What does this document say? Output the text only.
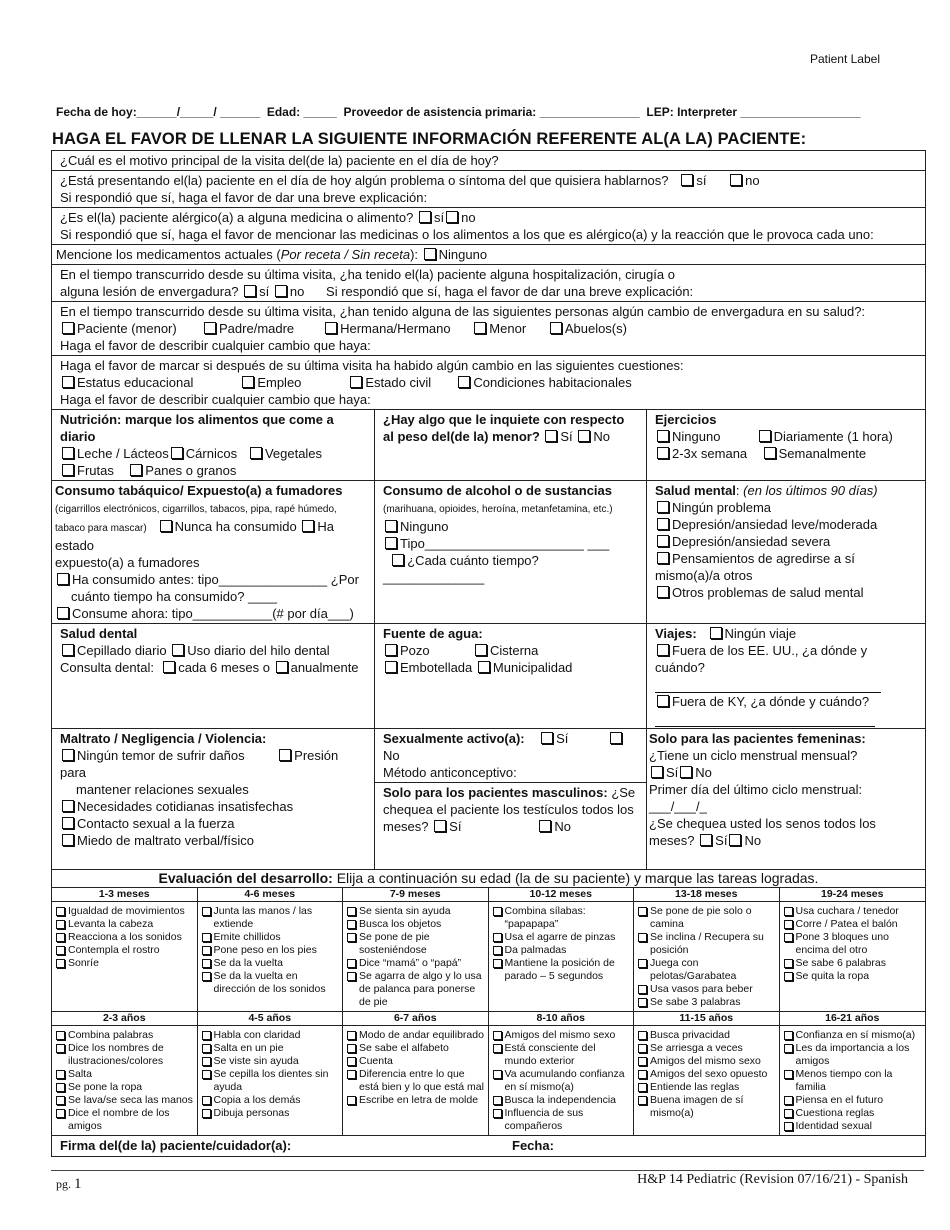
Patient Label
Fecha de hoy:______/_____/ ______ Edad: _____ Proveedor de asistencia primaria: _______________ LEP: Interpreter __________________
HAGA EL FAVOR DE LLENAR LA SIGUIENTE INFORMACIÓN REFERENTE AL(A LA) PACIENTE:
¿Cuál es el motivo principal de la visita del(de la) paciente en el día de hoy?
¿Está presentando el(la) paciente en el día de hoy algún problema o síntoma del que quisiera hablarnos? sí	no
Si respondió que sí, haga el favor de dar una breve explicación:
¿Es el(la) paciente alérgico(a) a alguna medicina o alimento? sí no
Si respondió que sí, haga el favor de mencionar las medicinas o los alimentos a los que es alérgico(a) y la reacción que le provoca cada uno:
Mencione los medicamentos actuales (Por receta / Sin receta): Ninguno
En el tiempo transcurrido desde su última visita, ¿ha tenido el(la) paciente alguna hospitalización, cirugía o
alguna lesión de envergadura? sí no Si respondió que sí, haga el favor de dar una breve explicación:
En el tiempo transcurrido desde su última visita, ¿han tenido alguna de las siguientes personas algún cambio de envergadura en su salud?:
Paciente (menor)	Padre/madre	Hermana/Hermano	Menor	Abuelos(s)
Haga el favor de describir cualquier cambio que haya:
Haga el favor de marcar si después de su última visita ha habido algún cambio en las siguientes cuestiones:
Estatus educacional	Empleo	Estado civil	Condiciones habitacionales
Haga el favor de describir cualquier cambio que haya:
Nutrición: marque los alimentos que come a diario
Leche / Lácteos Cárnicos Vegetales
Frutas Panes o granos
¿Hay algo que le inquiete con respecto
al peso del(de la) menor? Sí No
Ejercicios
Ninguno	Diariamente (1 hora)
2-3x semana Semanalmente
Consumo tabáquico/ Expuesto(a) a fumadores
(cigarrillos electrónicos, cigarrillos, tabacos, pipa, rapé húmedo, tabaco para mascar) Nunca ha consumido Ha estado
expuesto(a) a fumadores
Ha consumido antes: tipo_______________ ¿Por
cuánto tiempo ha consumido? ____
Consume ahora: tipo___________(# por día___)
Consumo de alcohol o de sustancias
(marihuana, opioides, heroína, metanfetamina, etc.)
Ninguno
Tipo______________________ ___
¿Cada cuánto tiempo? ______________
Salud mental: (en los últimos 90 días)
Ningún problema
Depresión/ansiedad leve/moderada
Depresión/ansiedad severa
Pensamientos de agredirse a sí mismo(a)/a otros
Otros problemas de salud mental
Salud dental
Cepillado diario Uso diario del hilo dental
Consulta dental: cada 6 meses o anualmente
Fuente de agua:
Pozo	Cisterna
Embotellada Municipalidad
Viajes: Ningún viaje
Fuera de los EE. UU., ¿a dónde y cuándo?

Fuera de KY, ¿a dónde y cuándo?

Maltrato / Negligencia / Violencia:
Ningún temor de sufrir daños	Presión para
mantener relaciones sexuales
Necesidades cotidianas insatisfechas
Contacto sexual a la fuerza
Miedo de maltrato verbal/físico
Sexualmente activo(a): Sí           No
Método anticonceptivo:
Solo para los pacientes masculinos: ¿Se chequea el paciente los testículos todos los meses? Sí	No
Solo para las pacientes femeninas:
¿Tiene un ciclo menstrual mensual?
Sí No
Primer día del último ciclo menstrual:
___/___/_
¿Se chequea usted los senos todos los meses? Sí No
Evaluación del desarrollo: Elija a continuación su edad (la de su paciente) y marque las tareas logradas.
1-3 meses
Igualdad de movimientos
Levanta la cabeza
Reacciona a los sonidos
Contempla el rostro
Sonríe
4-6 meses
Junta las manos / las extiende
Emite chillidos
Pone peso en los pies
Se da la vuelta
Se da la vuelta en dirección de los sonidos
7-9 meses
Se sienta sin ayuda
Busca los objetos
Se pone de pie sosteniéndose
Dice “mamá” o “papá”
Se agarra de algo y lo usa de palanca para ponerse de pie
10-12 meses
Combina sílabas: “papapapa”
Usa el agarre de pinzas
Da palmadas
Mantiene la posición de parado – 5 segundos
13-18 meses
Se pone de pie solo o camina
Se inclina / Recupera su posición
Juega con pelotas/Garabatea
Usa vasos para beber
Se sabe 3 palabras
19-24 meses
Usa cuchara / tenedor
Corre / Patea el balón
Pone 3 bloques uno encima del otro
Se sabe 6 palabras
Se quita la ropa
2-3 años
Combina palabras
Dice los nombres de ilustraciones/colores
Salta
Se pone la ropa
Se lava/se seca las manos
Dice el nombre de los amigos
4-5 años
Habla con claridad
Salta en un pie
Se viste sin ayuda
Se cepilla los dientes sin ayuda
Copia a los demás
Dibuja personas
6-7 años
Modo de andar equilibrado
Se sabe el alfabeto
Cuenta
Diferencia entre lo que está bien y lo que está mal
Escribe en letra de molde
8-10 años
Amigos del mismo sexo
Está consciente del mundo exterior
Va acumulando confianza en sí mismo(a)
Busca la independencia
Influencia de sus compañeros
11-15 años
Busca privacidad
Se arriesga a veces
Amigos del mismo sexo
Amigos del sexo opuesto
Entiende las reglas
Buena imagen de sí mismo(a)
16-21 años
Confianza en sí mismo(a)
Les da importancia a los amigos
Menos tiempo con la familia
Piensa en el futuro
Cuestiona reglas
Identidad sexual
Firma del(de la) paciente/cuidador(a):	Fecha:
pg. 1	H&P 14 Pediatric (Revision 07/16/21) - Spanish
